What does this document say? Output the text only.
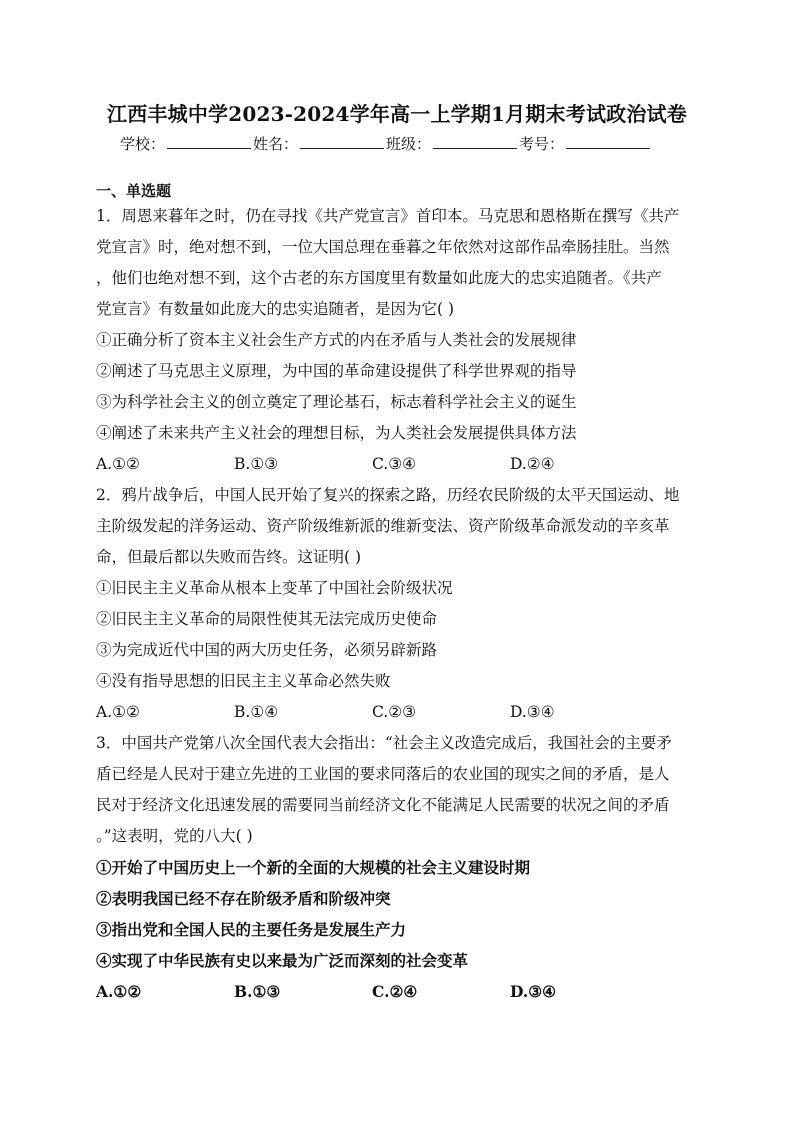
江西丰城中学2023-2024学年高一上学期1月期末考试政治试卷
学校：	姓名：	班级：	考号：
一、单选题

1．周恩来暮年之时，仍在寻找《共产党宣言》首印本。马克思和恩格斯在撰写《共产

党宣言》时，绝对想不到，一位大国总理在垂暮之年依然对这部作品牵肠挂肚。当然

，他们也绝对想不到，这个古老的东方国度里有数量如此庞大的忠实追随者。《共产

党宣言》有数量如此庞大的忠实追随者，是因为它( )

①正确分析了资本主义社会生产方式的内在矛盾与人类社会的发展规律

②阐述了马克思主义原理，为中国的革命建设提供了科学世界观的指导

③为科学社会主义的创立奠定了理论基石，标志着科学社会主义的诞生

④阐述了未来共产主义社会的理想目标，为人类社会发展提供具体方法

A.①②	B.①③	C.③④	D.②④

2．鸦片战争后，中国人民开始了复兴的探索之路，历经农民阶级的太平天国运动、地

主阶级发起的洋务运动、资产阶级维新派的维新变法、资产阶级革命派发动的辛亥革

命，但最后都以失败而告终。这证明( )

①旧民主主义革命从根本上变革了中国社会阶级状况

②旧民主主义革命的局限性使其无法完成历史使命

③为完成近代中国的两大历史任务，必须另辟新路

④没有指导思想的旧民主主义革命必然失败

A.①②	B.①④	C.②③	D.③④

3．中国共产党第八次全国代表大会指出：“社会主义改造完成后，我国社会的主要矛

盾已经是人民对于建立先进的工业国的要求同落后的农业国的现实之间的矛盾，是人

民对于经济文化迅速发展的需要同当前经济文化不能满足人民需要的状况之间的矛盾

。”这表明，党的八大( )

①开始了中国历史上一个新的全面的大规模的社会主义建设时期

②表明我国已经不存在阶级矛盾和阶级冲突

③指出党和全国人民的主要任务是发展生产力

④实现了中华民族有史以来最为广泛而深刻的社会变革

A.①②	B.①③	C.②④	D.③④
